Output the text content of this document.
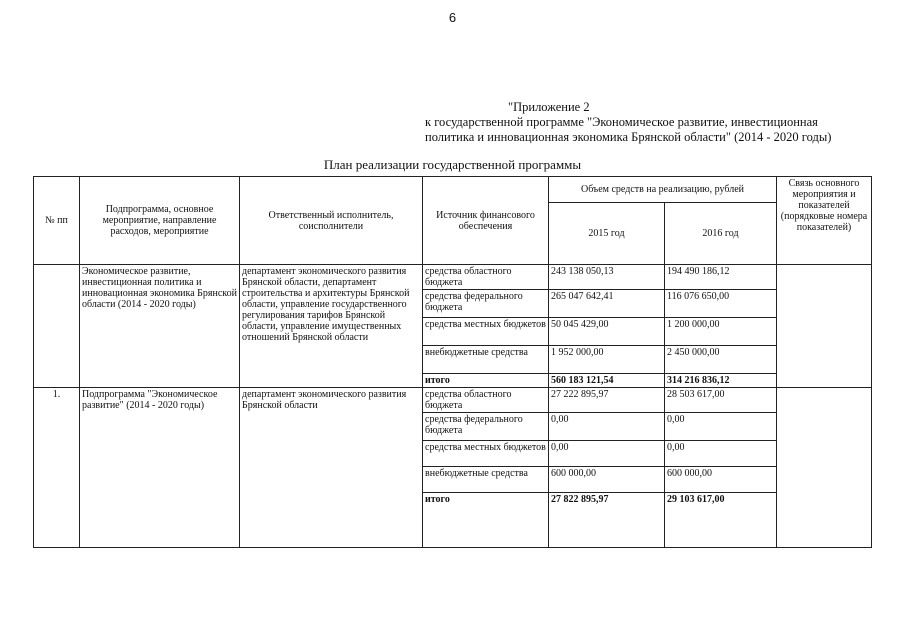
6
"Приложение 2
к государственной программе "Экономическое развитие, инвестиционная
политика и инновационная экономика Брянской области" (2014 - 2020 годы)
План реализации государственной программы
№ пп	Подпрограмма, основное мероприятие, направление расходов, мероприятие	Ответственный исполнитель, соисполнители	Источник финансового обеспечения	Объем средств на реализацию, рублей		Связь основного мероприятия и показателей (порядковые номера показателей)
				2015 год	2016 год	
	Экономическое развитие, инвестиционная политика и инновационная экономика Брянской области (2014 - 2020 годы)	департамент экономического развития Брянской области, департамент строительства и архитектуры Брянской области, управление государственного регулирования тарифов Брянской области, управление имущественных отношений Брянской области	средства областного бюджета	243 138 050,13	194 490 186,12	
			средства федерального бюджета	265 047 642,41	116 076 650,00	
			средства местных бюджетов	50 045 429,00	1 200 000,00	
			внебюджетные средства	1 952 000,00	2 450 000,00	
			итого	560 183 121,54	314 216 836,12	
1.	Подпрограмма "Экономическое развитие" (2014 - 2020 годы)	департамент экономического развития Брянской области	средства областного бюджета	27 222 895,97	28 503 617,00	
			средства федерального бюджета	0,00	0,00	
			средства местных бюджетов	0,00	0,00	
			внебюджетные средства	600 000,00	600 000,00	
			итого	27 822 895,97	29 103 617,00	
